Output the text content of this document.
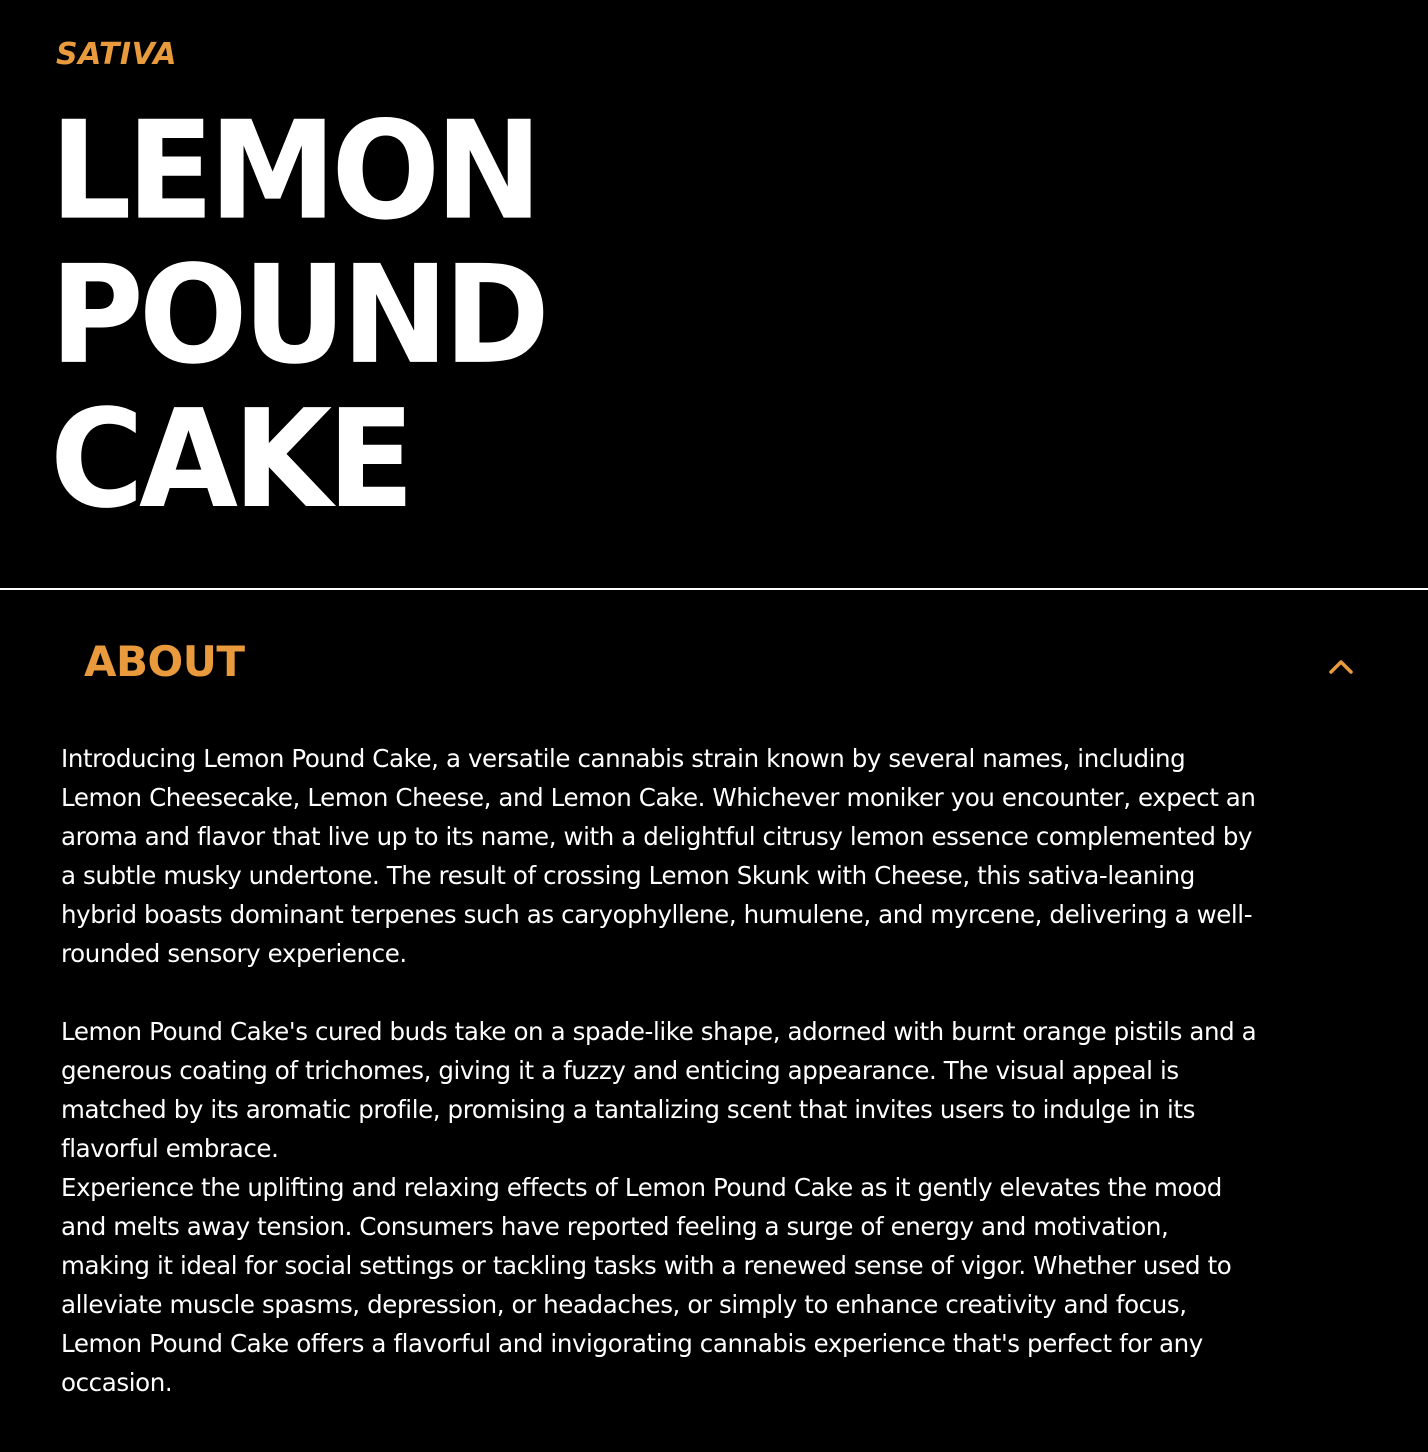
SATIVA

LEMON
POUND
CAKE
ABOUT

Introducing Lemon Pound Cake, a versatile cannabis strain known by several names, including Lemon Cheesecake, Lemon Cheese, and Lemon Cake. Whichever moniker you encounter, expect an aroma and flavor that live up to its name, with a delightful citrusy lemon essence complemented by a subtle musky undertone. The result of crossing Lemon Skunk with Cheese, this sativa-leaning hybrid boasts dominant terpenes such as caryophyllene, humulene, and myrcene, delivering a well-rounded sensory experience.

Lemon Pound Cake's cured buds take on a spade-like shape, adorned with burnt orange pistils and a generous coating of trichomes, giving it a fuzzy and enticing appearance. The visual appeal is matched by its aromatic profile, promising a tantalizing scent that invites users to indulge in its flavorful embrace.

Experience the uplifting and relaxing effects of Lemon Pound Cake as it gently elevates the mood and melts away tension. Consumers have reported feeling a surge of energy and motivation, making it ideal for social settings or tackling tasks with a renewed sense of vigor. Whether used to alleviate muscle spasms, depression, or headaches, or simply to enhance creativity and focus, Lemon Pound Cake offers a flavorful and invigorating cannabis experience that's perfect for any occasion.
